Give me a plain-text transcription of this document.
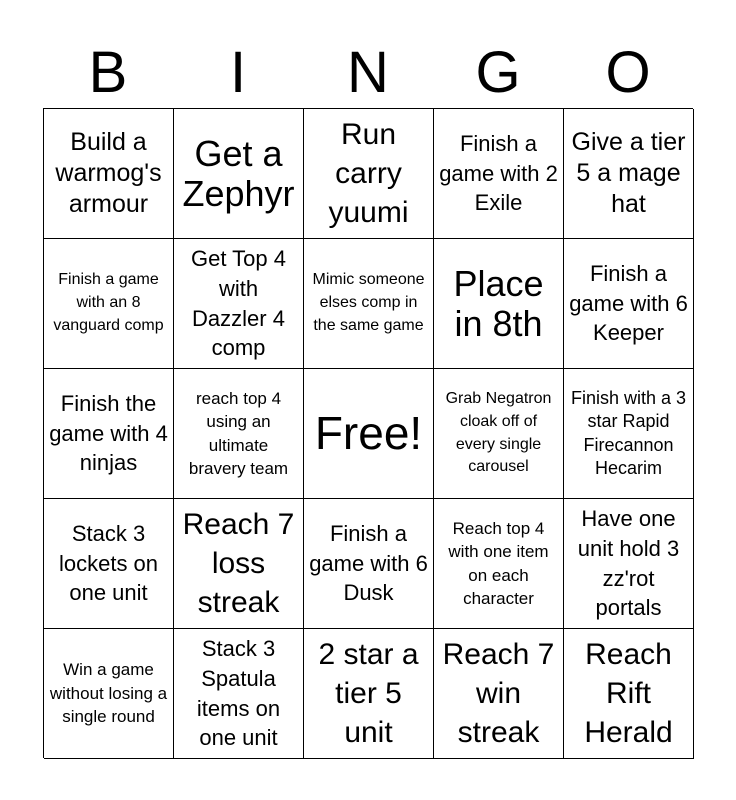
B	I	N	G	O
Build a warmog's armour
Get a Zephyr
Run carry yuumi
Finish a game with 2 Exile
Give a tier 5 a mage hat
Finish a game with an 8 vanguard comp
Get Top 4 with Dazzler 4 comp
Mimic someone elses comp in the same game
Place in 8th
Finish a game with 6 Keeper
Finish the game with 4 ninjas
reach top 4 using an ultimate bravery team
Free!
Grab Negatron cloak off of every single carousel
Finish with a 3 star Rapid Firecannon Hecarim
Stack 3 lockets on one unit
Reach 7 loss streak
Finish a game with 6 Dusk
Reach top 4 with one item on each character
Have one unit hold 3 zz'rot portals
Win a game without losing a single round
Stack 3 Spatula items on one unit
2 star a tier 5 unit
Reach 7 win streak
Reach Rift Herald
